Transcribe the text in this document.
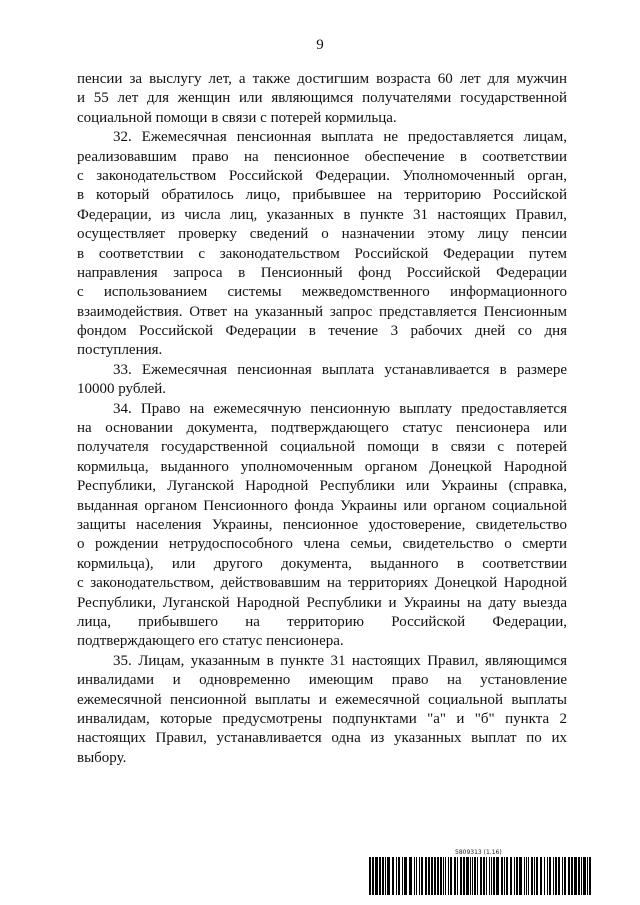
9
пенсии за выслугу лет, а также достигшим возраста 60 лет для мужчин
и 55 лет для женщин или являющимся получателями государственной
социальной помощи в связи с потерей кормильца.
32. Ежемесячная пенсионная выплата не предоставляется лицам,
реализовавшим право на пенсионное обеспечение в соответствии
с законодательством Российской Федерации. Уполномоченный орган,
в который обратилось лицо, прибывшее на территорию Российской
Федерации, из числа лиц, указанных в пункте 31 настоящих Правил,
осуществляет проверку сведений о назначении этому лицу пенсии
в соответствии с законодательством Российской Федерации путем
направления запроса в Пенсионный фонд Российской Федерации
с использованием системы межведомственного информационного
взаимодействия. Ответ на указанный запрос представляется Пенсионным
фондом Российской Федерации в течение 3 рабочих дней со дня
поступления.
33. Ежемесячная пенсионная выплата устанавливается в размере
10000 рублей.
34. Право на ежемесячную пенсионную выплату предоставляется
на основании документа, подтверждающего статус пенсионера или
получателя государственной социальной помощи в связи с потерей
кормильца, выданного уполномоченным органом Донецкой Народной
Республики, Луганской Народной Республики или Украины (справка,
выданная органом Пенсионного фонда Украины или органом социальной
защиты населения Украины, пенсионное удостоверение, свидетельство
о рождении нетрудоспособного члена семьи, свидетельство о смерти
кормильца), или другого документа, выданного в соответствии
с законодательством, действовавшим на территориях Донецкой Народной
Республики, Луганской Народной Республики и Украины на дату выезда
лица, прибывшего на территорию Российской Федерации,
подтверждающего его статус пенсионера.
35. Лицам, указанным в пункте 31 настоящих Правил, являющимся
инвалидами и одновременно имеющим право на установление
ежемесячной пенсионной выплаты и ежемесячной социальной выплаты
инвалидам, которые предусмотрены подпунктами "а" и "б" пункта 2
настоящих Правил, устанавливается одна из указанных выплат по их
выбору.
5809313 (1.16)
